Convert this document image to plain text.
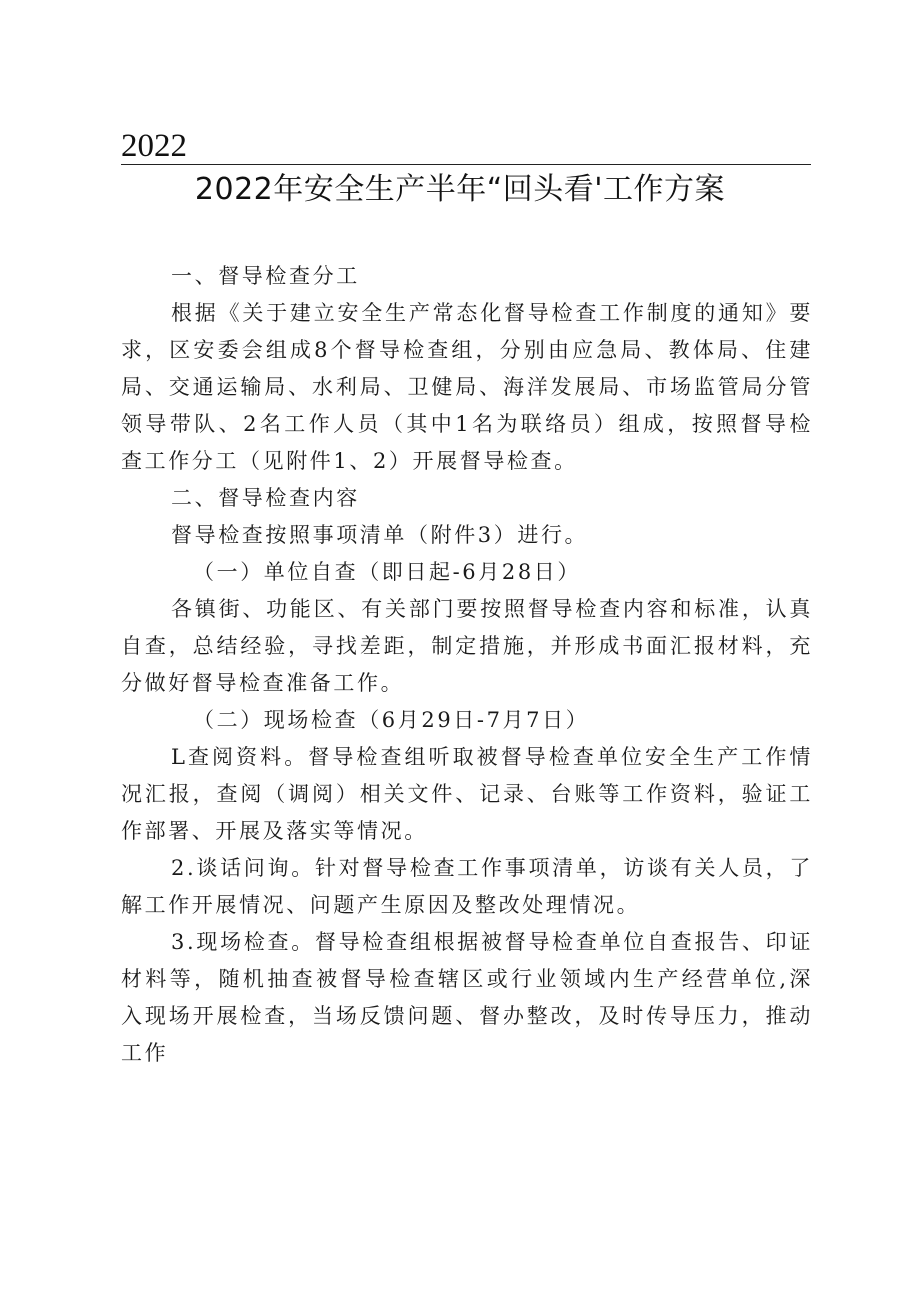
2022
2022年安全生产半年“回头看'工作方案

一、督导检查分工

根据《关于建立安全生产常态化督导检查工作制度的通知》要求，区安委会组成8个督导检查组，分别由应急局、教体局、住建局、交通运输局、水利局、卫健局、海洋发展局、市场监管局分管领导带队、2名工作人员（其中1名为联络员）组成，按照督导检查工作分工（见附件1、2）开展督导检查。

二、督导检查内容

督导检查按照事项清单（附件3）进行。

（一）单位自查（即日起-6月28日）

各镇街、功能区、有关部门要按照督导检查内容和标准，认真自查，总结经验，寻找差距，制定措施，并形成书面汇报材料，充分做好督导检查准备工作。

（二）现场检查（6月29日-7月7日）

L查阅资料。督导检查组听取被督导检查单位安全生产工作情况汇报，查阅（调阅）相关文件、记录、台账等工作资料，验证工作部署、开展及落实等情况。

2.谈话问询。针对督导检查工作事项清单，访谈有关人员，了解工作开展情况、问题产生原因及整改处理情况。

3.现场检查。督导检查组根据被督导检查单位自查报告、印证材料等，随机抽查被督导检查辖区或行业领域内生产经营单位,深入现场开展检查，当场反馈问题、督办整改，及时传导压力，推动工作
